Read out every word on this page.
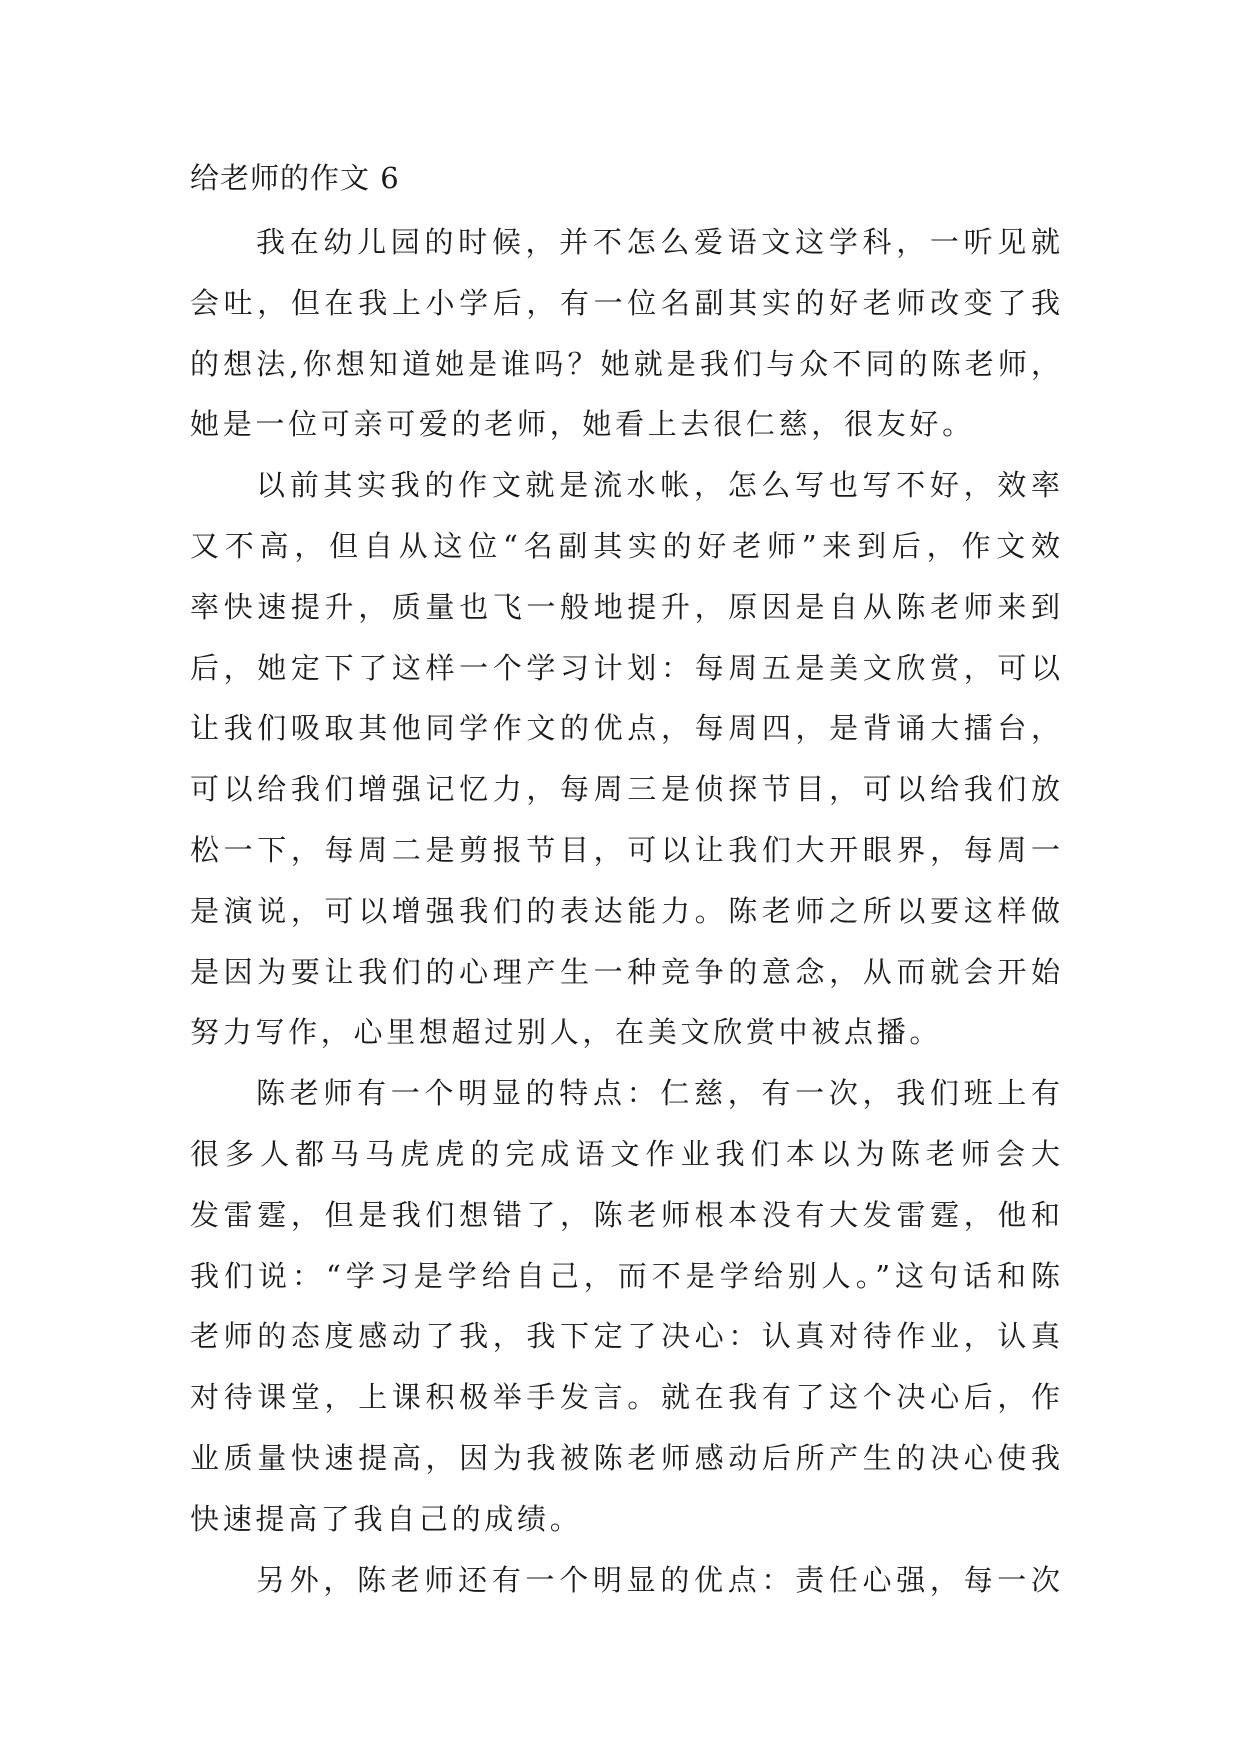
给老师的作文 6
我在幼儿园的时候，并不怎么爱语文这学科，一听见就
会吐，但在我上小学后，有一位名副其实的好老师改变了我
的想法,你想知道她是谁吗？她就是我们与众不同的陈老师，
她是一位可亲可爱的老师，她看上去很仁慈，很友好。
以前其实我的作文就是流水帐，怎么写也写不好，效率
又不高，但自从这位“名副其实的好老师”来到后，作文效
率快速提升，质量也飞一般地提升，原因是自从陈老师来到
后，她定下了这样一个学习计划：每周五是美文欣赏，可以
让我们吸取其他同学作文的优点，每周四，是背诵大擂台，
可以给我们增强记忆力，每周三是侦探节目，可以给我们放
松一下，每周二是剪报节目，可以让我们大开眼界，每周一
是演说，可以增强我们的表达能力。陈老师之所以要这样做
是因为要让我们的心理产生一种竞争的意念，从而就会开始
努力写作，心里想超过别人，在美文欣赏中被点播。
陈老师有一个明显的特点：仁慈，有一次，我们班上有
很多人都马马虎虎的完成语文作业我们本以为陈老师会大
发雷霆，但是我们想错了，陈老师根本没有大发雷霆，他和
我们说：“学习是学给自己，而不是学给别人。”这句话和陈
老师的态度感动了我，我下定了决心：认真对待作业，认真
对待课堂，上课积极举手发言。就在我有了这个决心后，作
业质量快速提高，因为我被陈老师感动后所产生的决心使我
快速提高了我自己的成绩。
另外，陈老师还有一个明显的优点：责任心强，每一次
